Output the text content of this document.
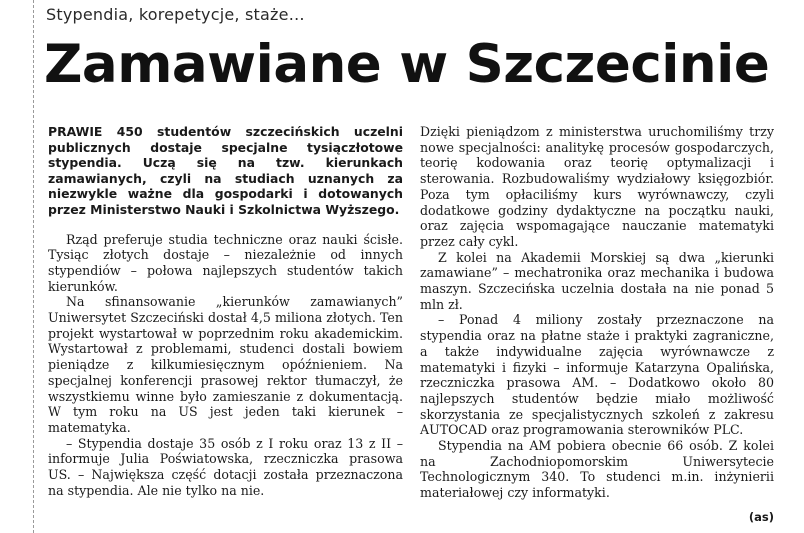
Stypendia, korepetycje, staże…
Zamawiane w Szczecinie
PRAWIE 450 studentów szczecińskich uczelni publicznych dostaje specjalne tysiączłotowe stypendia. Uczą się na tzw. kierunkach zamawianych, czyli na studiach uznanych za niezwykle ważne dla gospodarki i dotowanych przez Ministerstwo Nauki i Szkolnictwa Wyższego.

Rząd preferuje studia techniczne oraz nauki ścisłe. Tysiąc złotych dostaje – niezależnie od innych stypendiów – połowa najlepszych studentów takich kierunków.

Na sfinansowanie „kierunków zamawianych” Uniwersytet Szczeciński dostał 4,5 miliona złotych. Ten projekt wystartował w poprzednim roku akademickim. Wystartował z problemami, studenci dostali bowiem pieniądze z kilkumiesięcznym opóźnieniem. Na specjalnej konferencji prasowej rektor tłumaczył, że wszystkiemu winne było zamieszanie z dokumentacją. W tym roku na US jest jeden taki kierunek – matematyka.

– Stypendia dostaje 35 osób z I roku oraz 13 z II – informuje Julia Poświatowska, rzeczniczka prasowa US. – Największa część dotacji została przeznaczona na stypendia. Ale nie tylko na nie.

Dzięki pieniądzom z ministerstwa uruchomiliśmy trzy nowe specjalności: analitykę procesów gospodarczych, teorię kodowania oraz teorię optymalizacji i sterowania. Rozbudowaliśmy wydziałowy księgozbiór. Poza tym opłaciliśmy kurs wyrównawczy, czyli dodatkowe godziny dydaktyczne na początku nauki, oraz zajęcia wspomagające nauczanie matematyki przez cały cykl.

Z kolei na Akademii Morskiej są dwa „kierunki zamawiane” – mechatronika oraz mechanika i budowa maszyn. Szczecińska uczelnia dostała na nie ponad 5 mln zł.

– Ponad 4 miliony zostały przeznaczone na stypendia oraz na płatne staże i praktyki zagraniczne, a także indywidualne zajęcia wyrównawcze z matematyki i fizyki – informuje Katarzyna Opalińska, rzeczniczka prasowa AM. – Dodatkowo około 80 najlepszych studentów będzie miało możliwość skorzystania ze specjalistycznych szkoleń z zakresu AUTOCAD oraz programowania sterowników PLC.

Stypendia na AM pobiera obecnie 66 osób. Z kolei na Zachodniopomorskim Uniwersytecie Technologicznym 340. To studenci m.in. inżynierii materiałowej czy informatyki.

(as)
